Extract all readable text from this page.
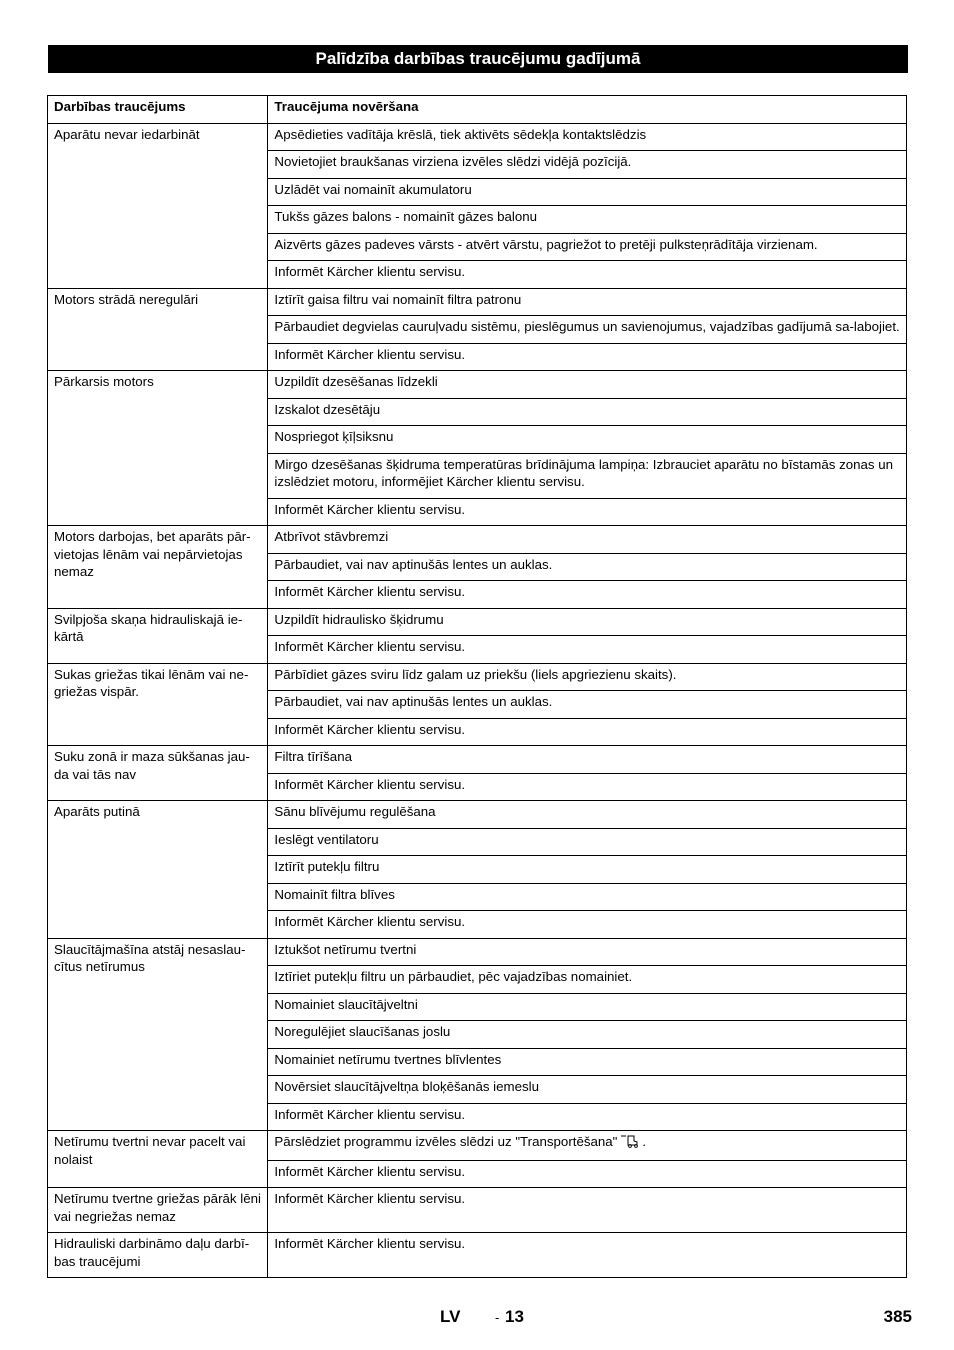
Palīdzība darbības traucējumu gadījumā
Darbības traucējums	Traucējuma novēršana
Aparātu nevar iedarbināt	Apsēdieties vadītāja krēslā, tiek aktivēts sēdekļa kontaktslēdzis
	Novietojiet braukšanas virziena izvēles slēdzi vidējā pozīcijā.
	Uzlādēt vai nomainīt akumulatoru
	Tukšs gāzes balons - nomainīt gāzes balonu
	Aizvērts gāzes padeves vārsts - atvērt vārstu, pagriežot to pretēji pulksteņrādītāja virzienam.
	Informēt Kärcher klientu servisu.
Motors strādā neregulāri	Iztīrīt gaisa filtru vai nomainīt filtra patronu
	Pārbaudiet degvielas cauruļvadu sistēmu, pieslēgumus un savienojumus, vajadzības gadījumā sa-labojiet.
	Informēt Kärcher klientu servisu.
Pārkarsis motors	Uzpildīt dzesēšanas līdzekli
	Izskalot dzesētāju
	Nospriegot ķīļsiksnu
	Mirgo dzesēšanas šķidruma temperatūras brīdinājuma lampiņa: Izbrauciet aparātu no bīstamās zonas un izslēdziet motoru, informējiet Kärcher klientu servisu.
	Informēt Kärcher klientu servisu.
Motors darbojas, bet aparāts pār-vietojas lēnām vai nepārvietojas nemaz	Atbrīvot stāvbremzi
	Pārbaudiet, vai nav aptinušās lentes un auklas.
	Informēt Kärcher klientu servisu.
Svilpjoša skaņa hidrauliskajā ie-kārtā	Uzpildīt hidraulisko šķidrumu
	Informēt Kärcher klientu servisu.
Sukas griežas tikai lēnām vai ne-griežas vispār.	Pārbīdiet gāzes sviru līdz galam uz priekšu (liels apgriezienu skaits).
	Pārbaudiet, vai nav aptinušās lentes un auklas.
	Informēt Kärcher klientu servisu.
Suku zonā ir maza sūkšanas jau-da vai tās nav	Filtra tīrīšana
	Informēt Kärcher klientu servisu.
Aparāts putinā	Sānu blīvējumu regulēšana
	Ieslēgt ventilatoru
	Iztīrīt putekļu filtru
	Nomainīt filtra blīves
	Informēt Kärcher klientu servisu.
Slaucītājmašīna atstāj nesaslau-cītus netīrumus	Iztukšot netīrumu tvertni
	Iztīriet putekļu filtru un pārbaudiet, pēc vajadzības nomainiet.
	Nomainiet slaucītājveltni
	Noregulējiet slaucīšanas joslu
	Nomainiet netīrumu tvertnes blīvlentes
	Novērsiet slaucītājveltņa bloķēšanās iemeslu
	Informēt Kärcher klientu servisu.
Netīrumu tvertni nevar pacelt vai nolaist	Pārslēdziet programmu izvēles slēdzi uz "Transportēšana" .
	Informēt Kärcher klientu servisu.
Netīrumu tvertne griežas pārāk lēni vai negriežas nemaz	Informēt Kärcher klientu servisu.
Hidrauliski darbināmo daļu darbī-bas traucējumi	Informēt Kärcher klientu servisu.
LV	- 13	385
